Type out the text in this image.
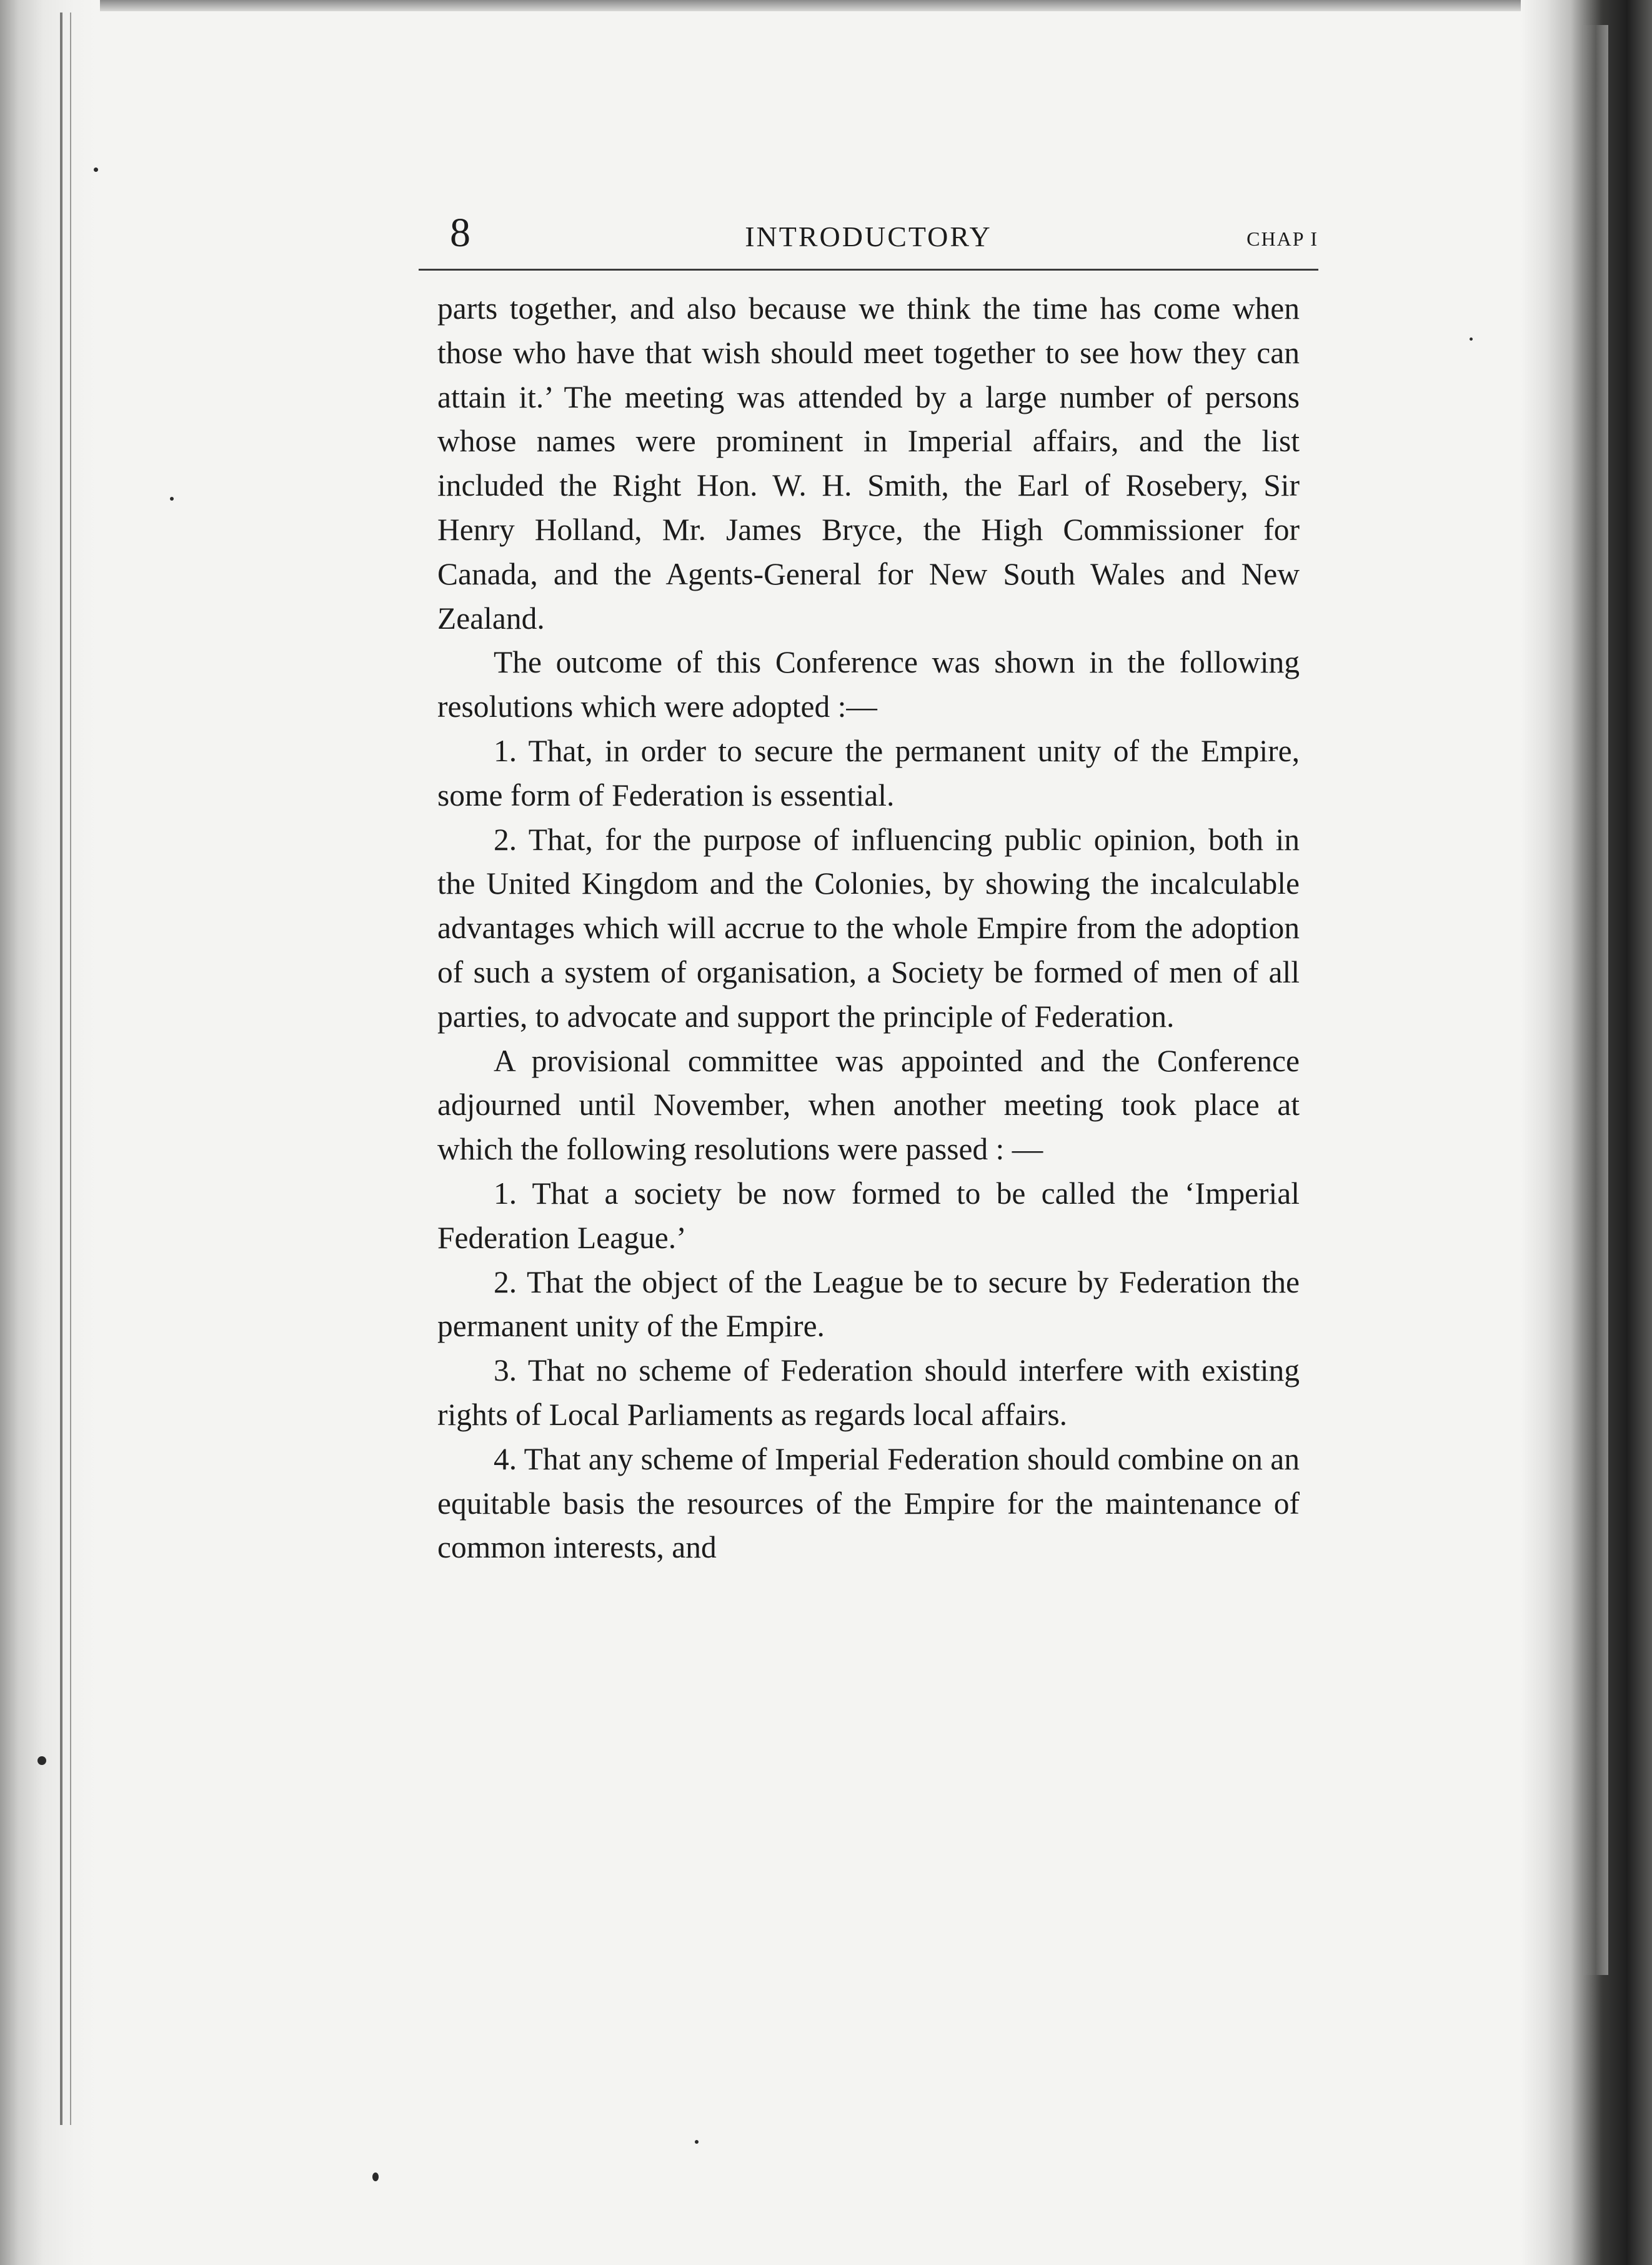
8	INTRODUCTORY	CHAP I

parts together, and also because we think the time has come when those who have that wish should meet together to see how they can attain it.’ The meeting was attended by a large number of persons whose names were prominent in Imperial affairs, and the list included the Right Hon. W. H. Smith, the Earl of Rosebery, Sir Henry Holland, Mr. James Bryce, the High Commissioner for Canada, and the Agents-General for New South Wales and New Zealand.

The outcome of this Conference was shown in the following resolutions which were adopted :—

1. That, in order to secure the permanent unity of the Empire, some form of Federation is essential.

2. That, for the purpose of influencing public opinion, both in the United Kingdom and the Colonies, by showing the incalculable advantages which will accrue to the whole Empire from the adoption of such a system of organisation, a Society be formed of men of all parties, to advocate and support the principle of Federation.

A provisional committee was appointed and the Conference adjourned until November, when another meeting took place at which the following resolutions were passed : —

1. That a society be now formed to be called the ‘Imperial Federation League.’

2. That the object of the League be to secure by Federation the permanent unity of the Empire.

3. That no scheme of Federation should interfere with existing rights of Local Parliaments as regards local affairs.

4. That any scheme of Imperial Federation should combine on an equitable basis the resources of the Empire for the maintenance of common interests, and
